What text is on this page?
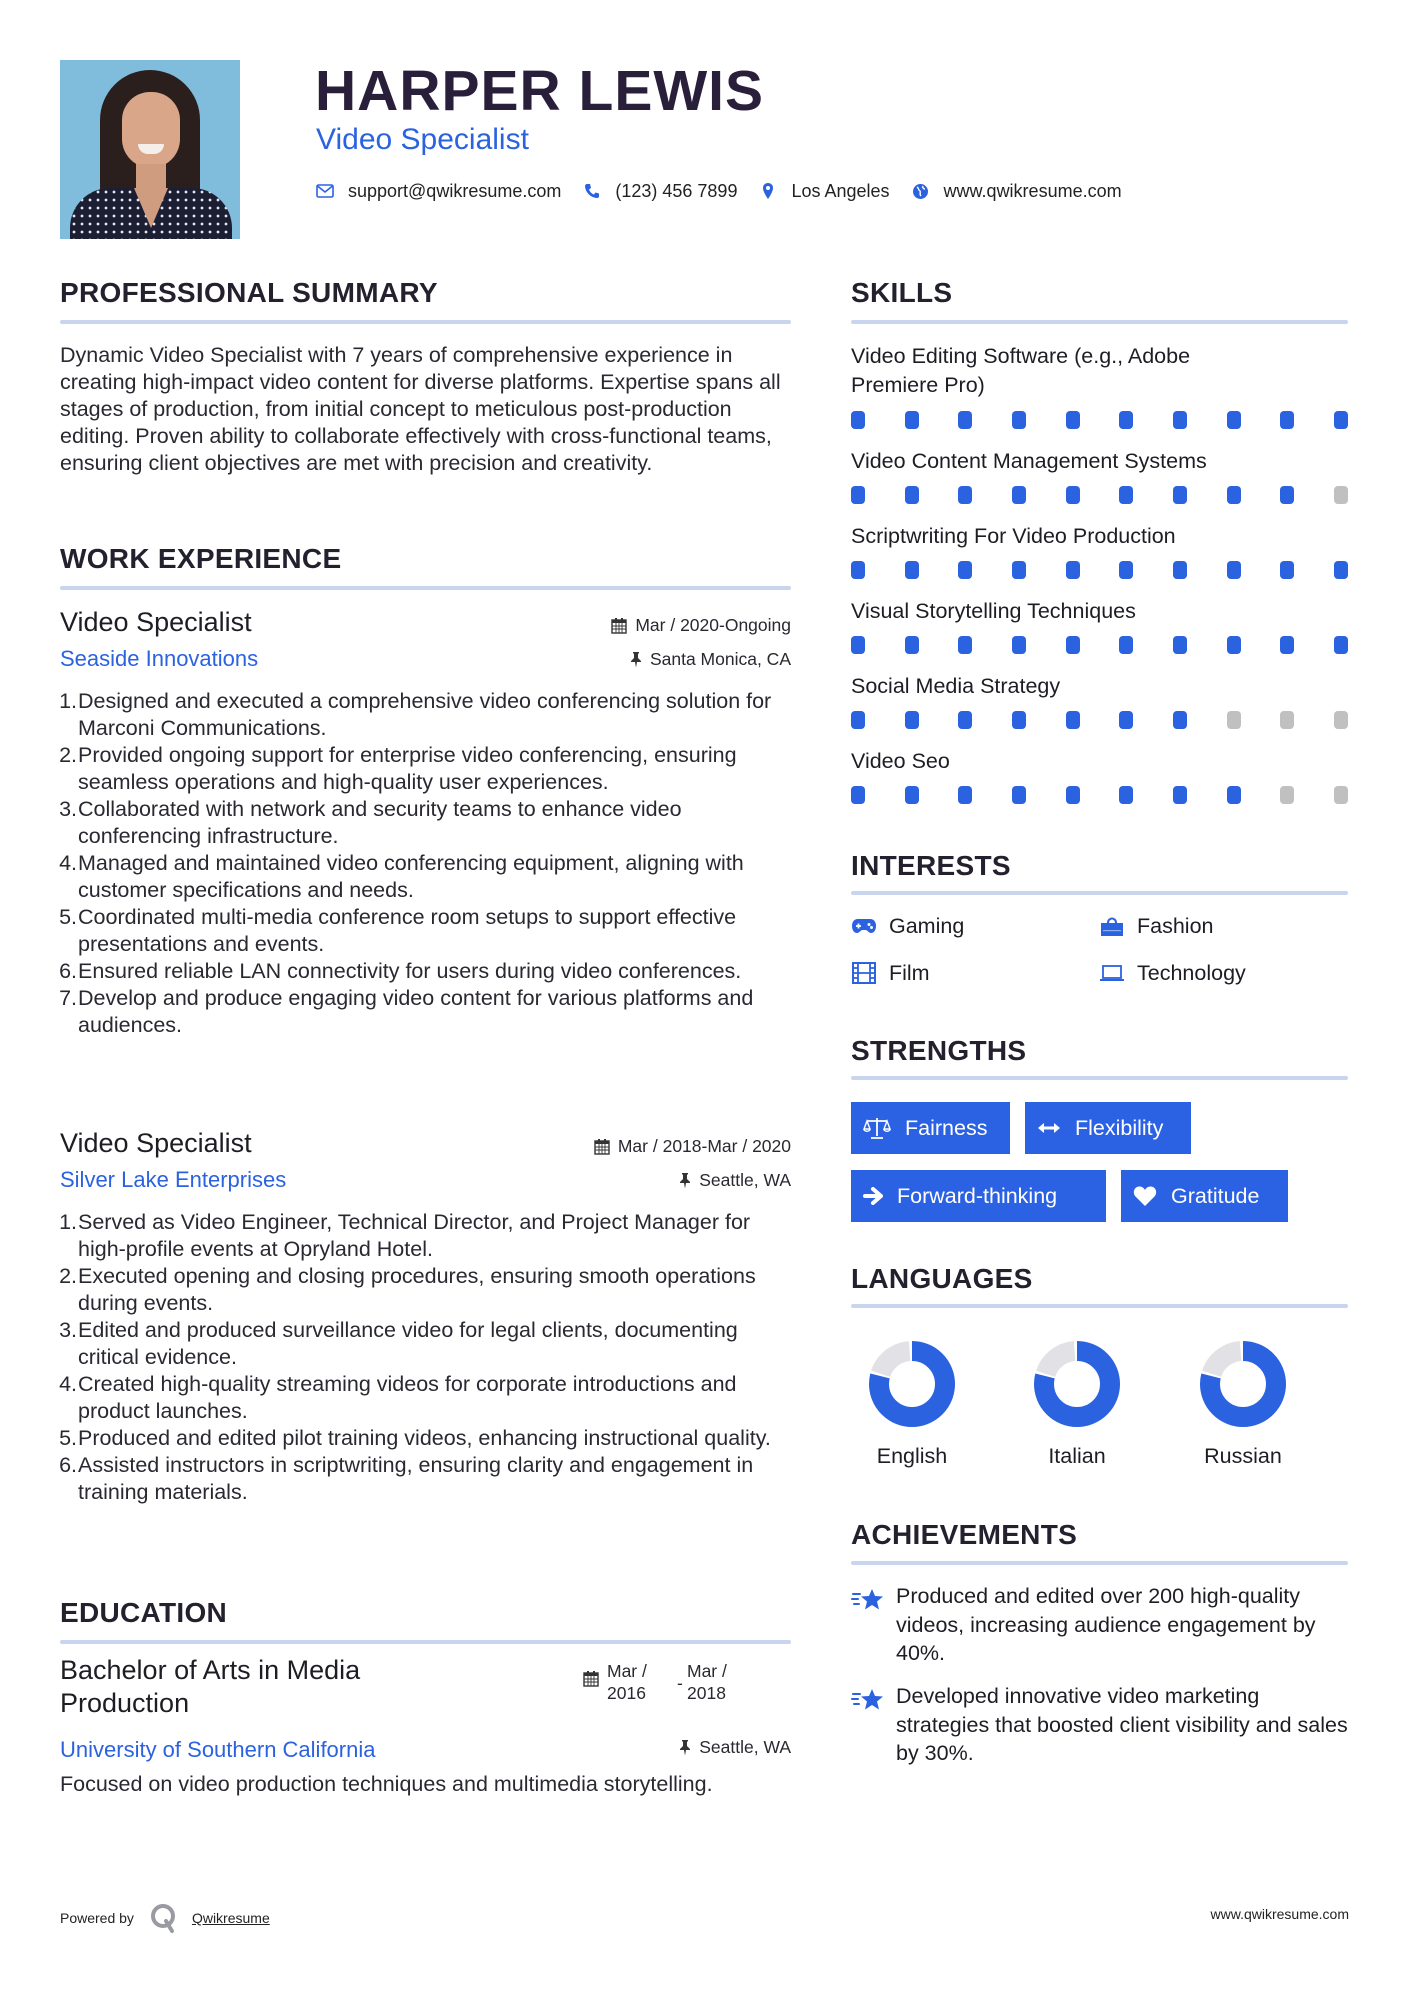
HARPER LEWIS
Video Specialist
support@qwikresume.com	(123) 456 7899	Los Angeles	www.qwikresume.com
PROFESSIONAL SUMMARY
Dynamic Video Specialist with 7 years of comprehensive experience in creating high-impact video content for diverse platforms. Expertise spans all stages of production, from initial concept to meticulous post-production editing. Proven ability to collaborate effectively with cross-functional teams, ensuring client objectives are met with precision and creativity.
WORK EXPERIENCE
Video Specialist
Seaside Innovations
Mar / 2020-Ongoing
Santa Monica, CA
1. Designed and executed a comprehensive video conferencing solution for Marconi Communications.
2. Provided ongoing support for enterprise video conferencing, ensuring seamless operations and high-quality user experiences.
3. Collaborated with network and security teams to enhance video conferencing infrastructure.
4. Managed and maintained video conferencing equipment, aligning with customer specifications and needs.
5. Coordinated multi-media conference room setups to support effective presentations and events.
6. Ensured reliable LAN connectivity for users during video conferences.
7. Develop and produce engaging video content for various platforms and audiences.
Video Specialist
Silver Lake Enterprises
Mar / 2018-Mar / 2020
Seattle, WA
1. Served as Video Engineer, Technical Director, and Project Manager for high-profile events at Opryland Hotel.
2. Executed opening and closing procedures, ensuring smooth operations during events.
3. Edited and produced surveillance video for legal clients, documenting critical evidence.
4. Created high-quality streaming videos for corporate introductions and product launches.
5. Produced and edited pilot training videos, enhancing instructional quality.
6. Assisted instructors in scriptwriting, ensuring clarity and engagement in training materials.
EDUCATION
Bachelor of Arts in Media Production
Mar / 2016	-
Mar / 2018
University of Southern California	Seattle, WA
Focused on video production techniques and multimedia storytelling.
SKILLS
Video Editing Software (e.g., Adobe Premiere Pro)
Video Content Management Systems
Scriptwriting For Video Production
Visual Storytelling Techniques
Social Media Strategy
Video Seo
INTERESTS
Gaming	Fashion
Film	Technology
STRENGTHS
Fairness	Flexibility
Forward-thinking	Gratitude
LANGUAGES
English	Italian	Russian
ACHIEVEMENTS
Produced and edited over 200 high-quality videos, increasing audience engagement by 40%.
Developed innovative video marketing strategies that boosted client visibility and sales by 30%.
Powered by	Qwikresume	www.qwikresume.com
